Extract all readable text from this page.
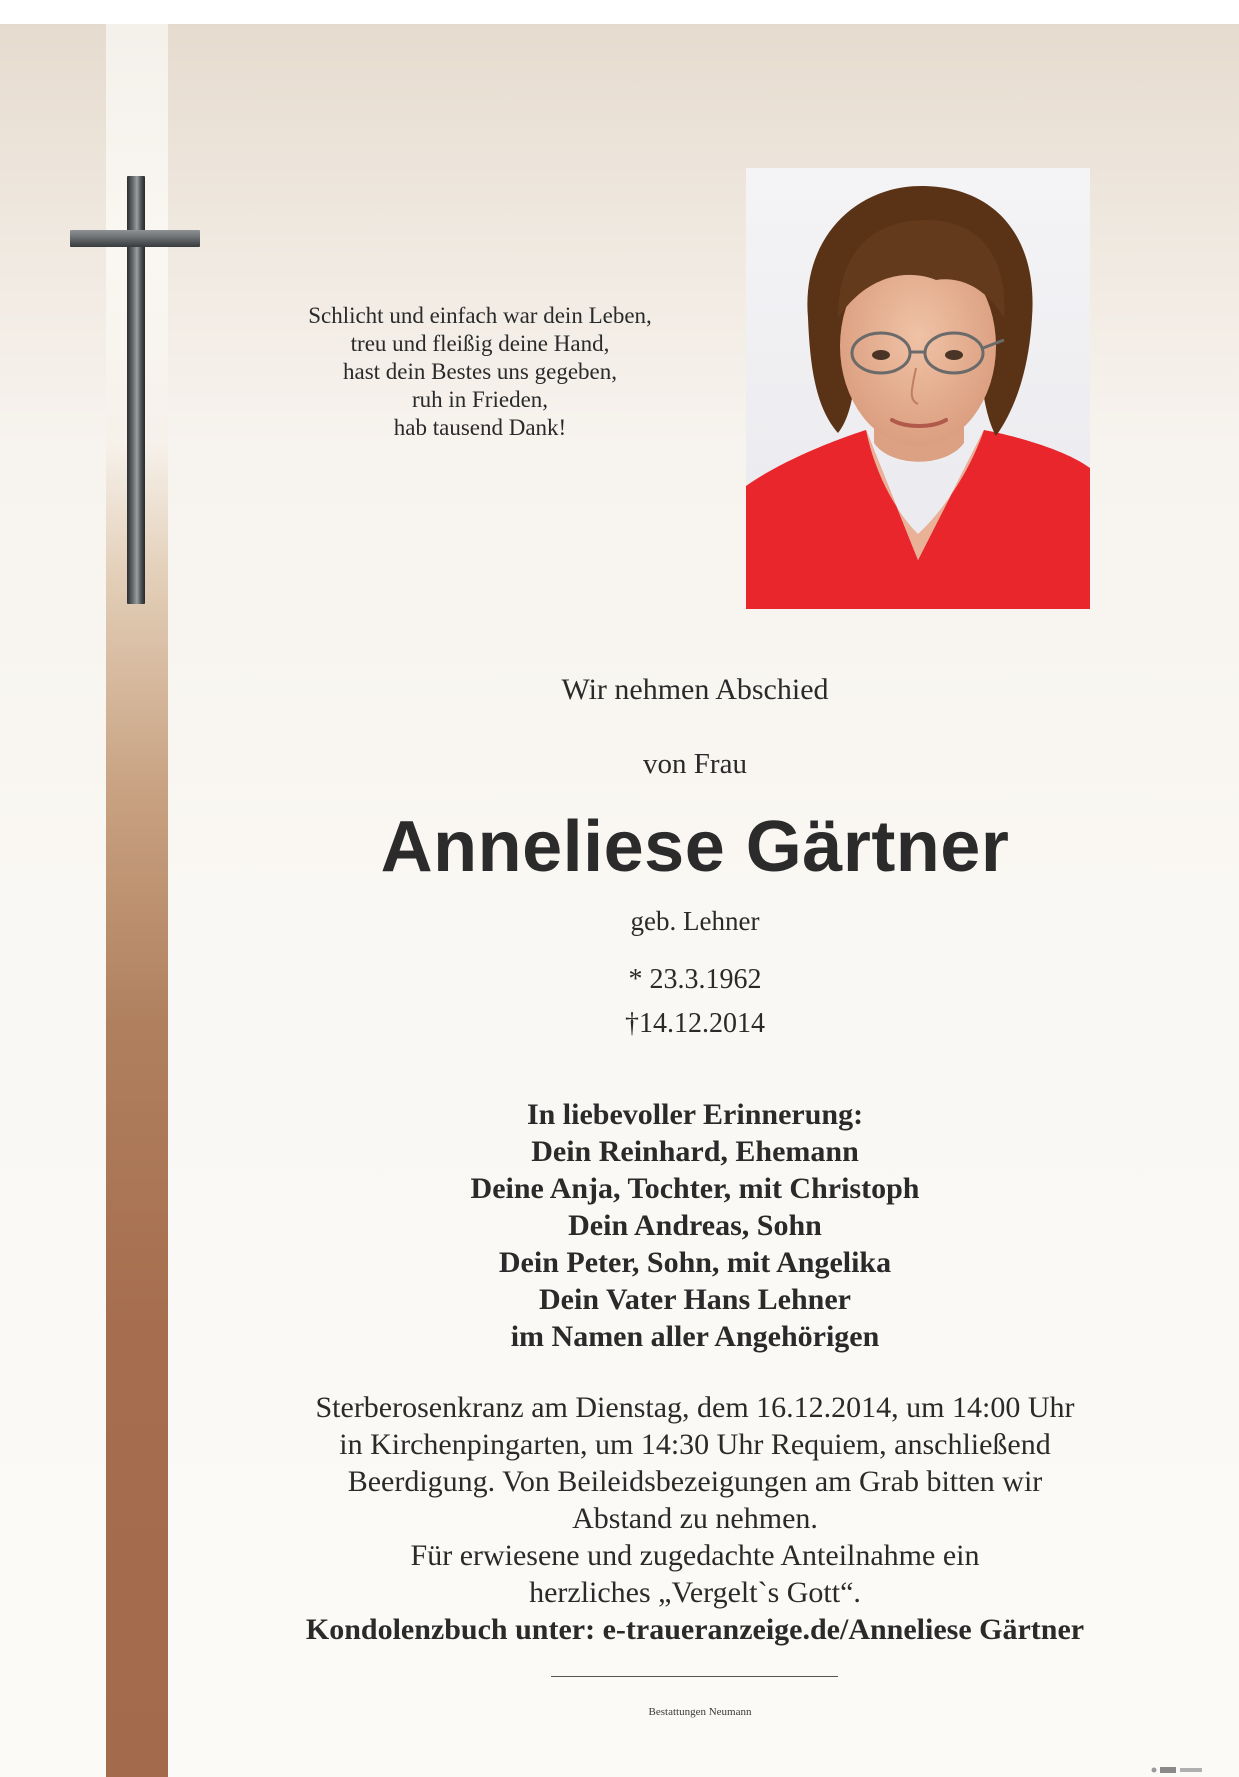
Schlicht und einfach war dein Leben,
treu und fleißig deine Hand,
hast dein Bestes uns gegeben,
ruh in Frieden,
hab tausend Dank!
Wir nehmen Abschied
von Frau
Anneliese Gärtner
geb. Lehner
* 23.3.1962
†14.12.2014
In liebevoller Erinnerung:
Dein Reinhard, Ehemann
Deine Anja, Tochter, mit Christoph
Dein Andreas, Sohn
Dein Peter, Sohn, mit Angelika
Dein Vater Hans Lehner
im Namen aller Angehörigen
Sterberosenkranz am Dienstag, dem 16.12.2014, um 14:00 Uhr
in Kirchenpingarten, um 14:30 Uhr Requiem, anschließend
Beerdigung. Von Beileidsbezeigungen am Grab bitten wir
Abstand zu nehmen.
Für erwiesene und zugedachte Anteilnahme ein
herzliches „Vergelt`s Gott“.
Kondolenzbuch unter: e-traueranzeige.de/Anneliese Gärtner
Bestattungen Neumann
